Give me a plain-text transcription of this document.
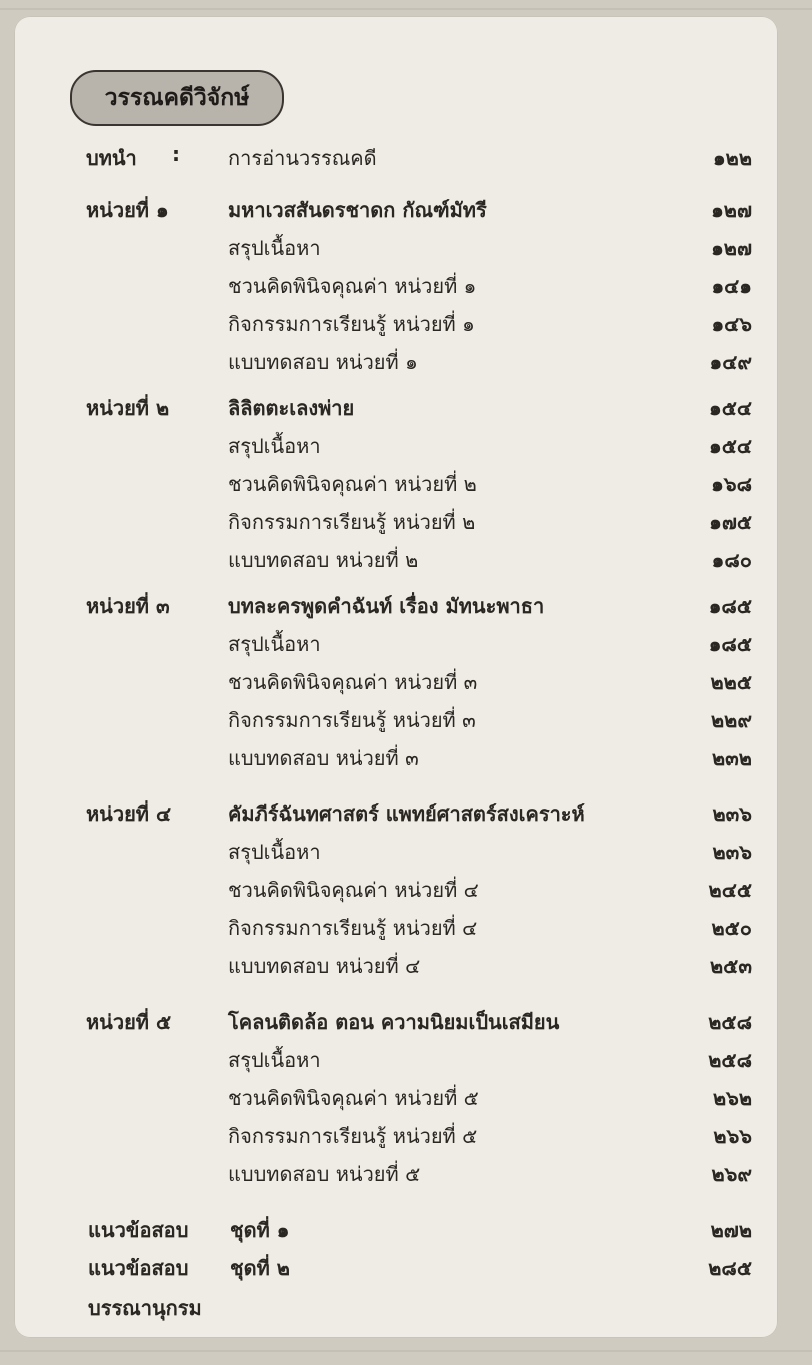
วรรณคดีวิจักษ์
บทนำ : การอ่านวรรณคดี	๑๒๒
หน่วยที่ ๑	มหาเวสสันดรชาดก กัณฑ์มัทรี	๑๒๗
สรุปเนื้อหา	๑๒๗
ชวนคิดพินิจคุณค่า หน่วยที่ ๑	๑๔๑
กิจกรรมการเรียนรู้ หน่วยที่ ๑	๑๔๖
แบบทดสอบ หน่วยที่ ๑	๑๔๙
หน่วยที่ ๒	ลิลิตตะเลงพ่าย	๑๕๔
สรุปเนื้อหา	๑๕๔
ชวนคิดพินิจคุณค่า หน่วยที่ ๒	๑๖๘
กิจกรรมการเรียนรู้ หน่วยที่ ๒	๑๗๕
แบบทดสอบ หน่วยที่ ๒	๑๘๐
หน่วยที่ ๓	บทละครพูดคำฉันท์ เรื่อง มัทนะพาธา	๑๘๕
สรุปเนื้อหา	๑๘๕
ชวนคิดพินิจคุณค่า หน่วยที่ ๓	๒๒๕
กิจกรรมการเรียนรู้ หน่วยที่ ๓	๒๒๙
แบบทดสอบ หน่วยที่ ๓	๒๓๒
หน่วยที่ ๔	คัมภีร์ฉันทศาสตร์ แพทย์ศาสตร์สงเคราะห์	๒๓๖
สรุปเนื้อหา	๒๓๖
ชวนคิดพินิจคุณค่า หน่วยที่ ๔	๒๔๕
กิจกรรมการเรียนรู้ หน่วยที่ ๔	๒๕๐
แบบทดสอบ หน่วยที่ ๔	๒๕๓
หน่วยที่ ๕	โคลนติดล้อ ตอน ความนิยมเป็นเสมียน	๒๕๘
สรุปเนื้อหา	๒๕๘
ชวนคิดพินิจคุณค่า หน่วยที่ ๕	๒๖๒
กิจกรรมการเรียนรู้ หน่วยที่ ๕	๒๖๖
แบบทดสอบ หน่วยที่ ๕	๒๖๙
แนวข้อสอบ ชุดที่ ๑	๒๗๒
แนวข้อสอบ ชุดที่ ๒	๒๘๕
บรรณานุกรม
